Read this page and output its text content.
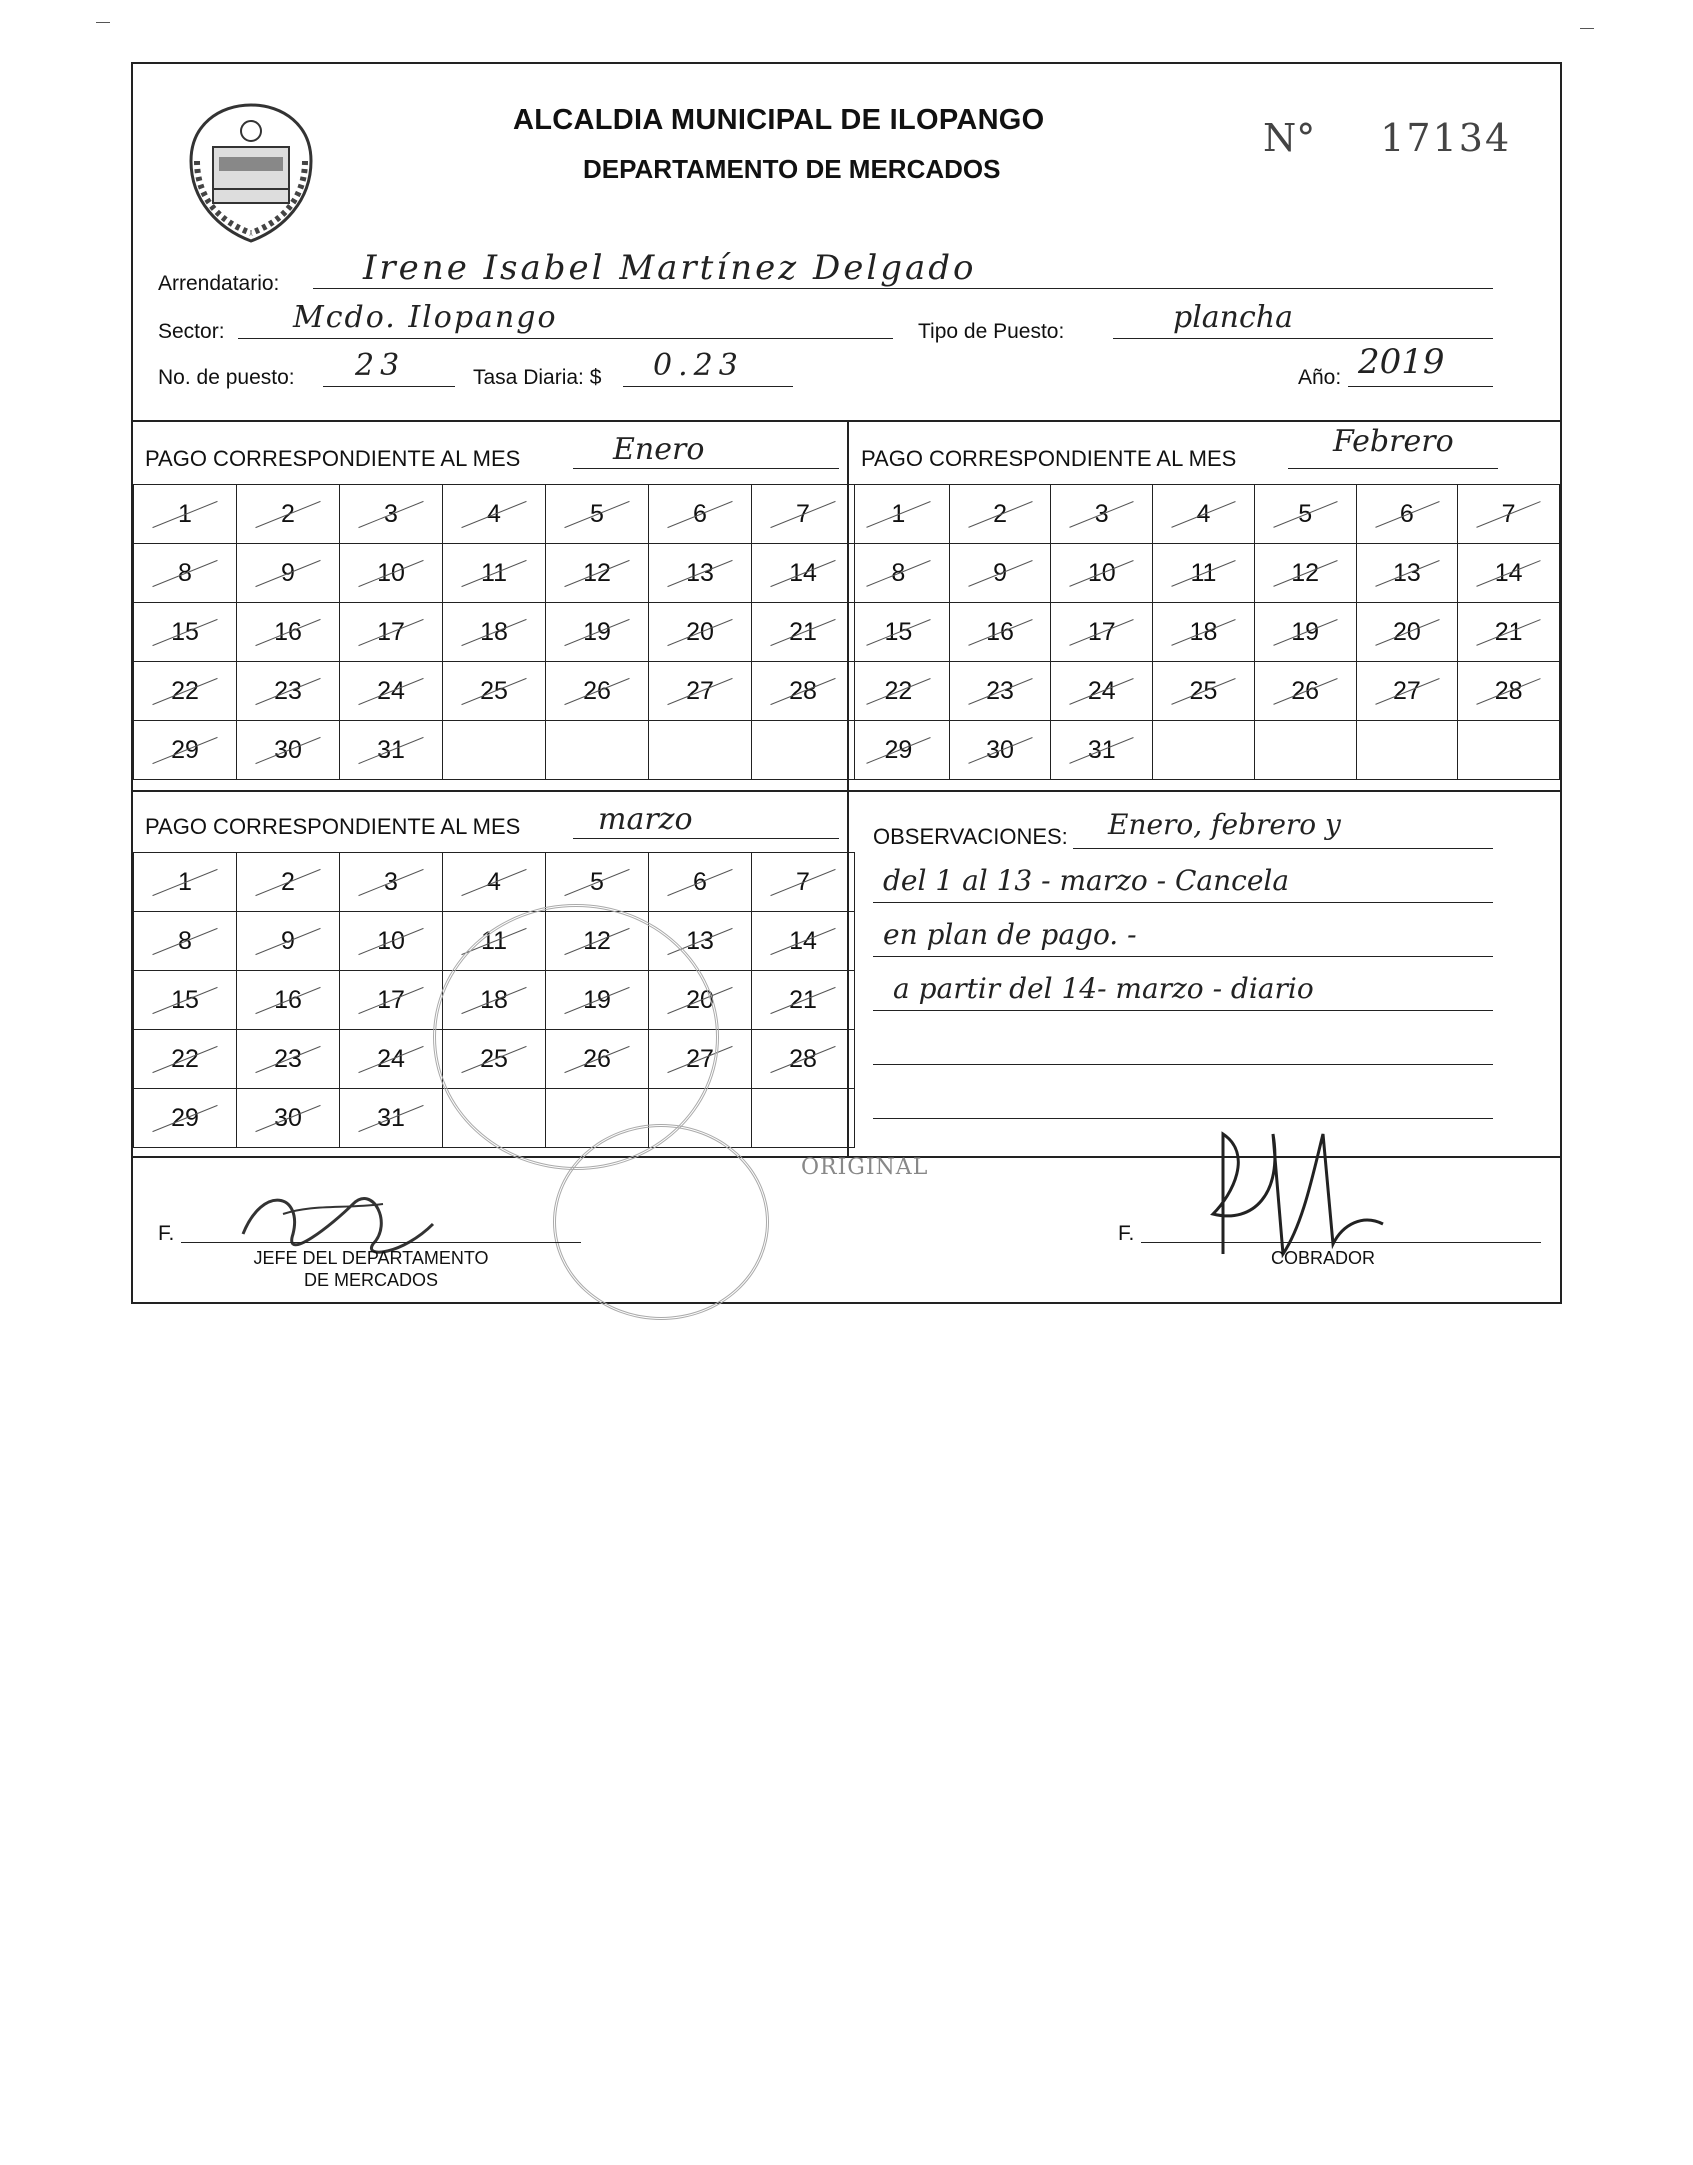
ALCALDIA MUNICIPAL DE ILOPANGO
DEPARTAMENTO DE MERCADOS
N° 17134
Arrendatario: Irene Isabel Martínez Delgado
Sector: Mcdo. Ilopango	Tipo de Puesto:	plancha
No. de puesto: 23	Tasa Diaria: $ 0.23	Año: 2019
PAGO CORRESPONDIENTE AL MES	Enero	PAGO CORRESPONDIENTE AL MES	Febrero
PAGO CORRESPONDIENTE AL MES	marzo
1	2	3	4	5	6	7

8	9	10	11	12	13	14

15	16	17	18	19	20	21

22	23	24	25	26	27	28

29	30	31

1	2	3	4	5	6	7

8	9	10	11	12	13	14

15	16	17	18	19	20	21

22	23	24	25	26	27	28

29	30	31

1	2	3	4	5	6	7

8	9	10	11	12	13	14

15	16	17	18	19	20	21

22	23	24	25	26	27	28

29	30	31

OBSERVACIONES: Enero, febrero y
del 1 al 13 - marzo - Cancela
en plan de pago. -
a partir del 14- marzo - diario
ORIGINAL
F.
JEFE DEL DEPARTAMENTO
DE MERCADOS
F.
COBRADOR
